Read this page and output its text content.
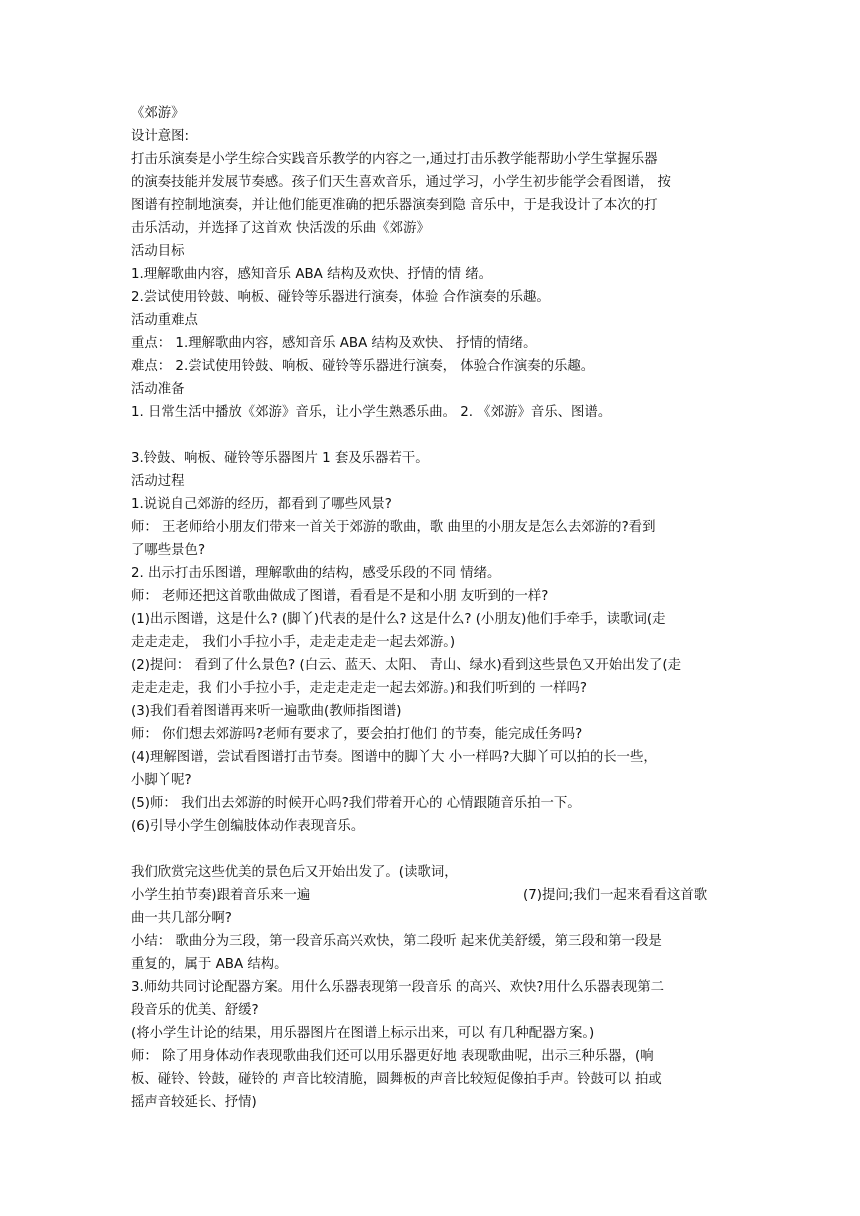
《郊游》
设计意图:
打击乐演奏是小学生综合实践音乐教学的内容之一,通过打击乐教学能帮助小学生掌握乐器
的演奏技能并发展节奏感。孩子们天生喜欢音乐，通过学习，小学生初步能学会看图谱， 按
图谱有控制地演奏，并让他们能更准确的把乐器演奏到隐 音乐中，于是我设计了本次的打
击乐活动，并选择了这首欢 快活泼的乐曲《郊游》
活动目标
1.理解歌曲内容，感知音乐 ABA 结构及欢快、抒情的情 绪。
2.尝试使用铃鼓、响板、碰铃等乐器进行演奏，体验 合作演奏的乐趣。
活动重难点
重点： 1.理解歌曲内容，感知音乐 ABA 结构及欢快、 抒情的情绪。
难点： 2.尝试使用铃鼓、响板、碰铃等乐器进行演奏， 体验合作演奏的乐趣。
活动准备
1. 日常生活中播放《郊游》音乐，让小学生熟悉乐曲。 2. 《郊游》音乐、图谱。
3.铃鼓、响板、碰铃等乐器图片 1 套及乐器若干。
活动过程
1.说说自己郊游的经历，都看到了哪些风景?
师： 王老师给小朋友们带来一首关于郊游的歌曲，歌 曲里的小朋友是怎么去郊游的?看到
了哪些景色?
2. 出示打击乐图谱，理解歌曲的结构，感受乐段的不同 情绪。
师： 老师还把这首歌曲做成了图谱，看看是不是和小朋 友听到的一样?
(1)出示图谱，这是什么? (脚丫)代表的是什么? 这是什么? (小朋友)他们手牵手，读歌词(走
走走走走， 我们小手拉小手，走走走走走一起去郊游。)
(2)提问： 看到了什么景色? (白云、蓝天、太阳、 青山、绿水)看到这些景色又开始出发了(走
走走走走，我 们小手拉小手，走走走走走一起去郊游。)和我们听到的 一样吗?
(3)我们看着图谱再来听一遍歌曲(教师指图谱)
师： 你们想去郊游吗?老师有要求了，要会拍打他们 的节奏，能完成任务吗?
(4)理解图谱，尝试看图谱打击节奏。图谱中的脚丫大 小一样吗?大脚丫可以拍的长一些，
小脚丫呢?
(5)师： 我们出去郊游的时候开心吗?我们带着开心的 心情跟随音乐拍一下。
(6)引导小学生创编肢体动作表现音乐。
我们欣赏完这些优美的景色后又开始出发了。(读歌词，
小学生拍节奏)跟着音乐来一遍	(7)提问;我们一起来看看这首歌
曲一共几部分啊?
小结： 歌曲分为三段，第一段音乐高兴欢快，第二段听 起来优美舒缓，第三段和第一段是
重复的，属于 ABA 结构。
3.师幼共同讨论配器方案。用什么乐器表现第一段音乐 的高兴、欢快?用什么乐器表现第二
段音乐的优美、舒缓?
(将小学生计论的结果，用乐器图片在图谱上标示出来，可以 有几种配器方案。)
师： 除了用身体动作表现歌曲我们还可以用乐器更好地 表现歌曲呢，出示三种乐器，(响
板、碰铃、铃鼓，碰铃的 声音比较清脆，圆舞板的声音比较短促像拍手声。铃鼓可以 拍或
摇声音较延长、抒情)
